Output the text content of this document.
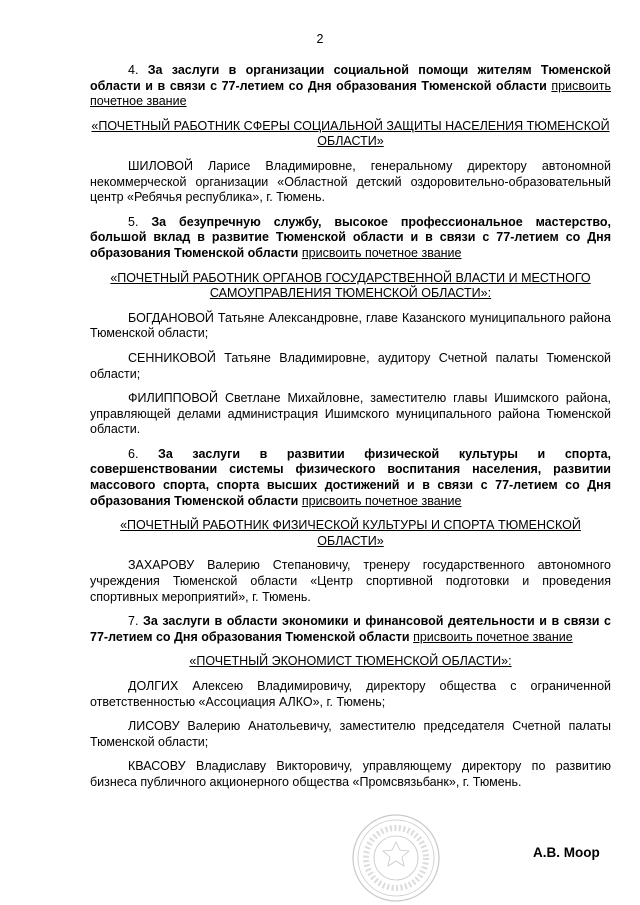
2

4. За заслуги в организации социальной помощи жителям Тюменской области и в связи с 77-летием со Дня образования Тюменской области присвоить почетное звание

«ПОЧЕТНЫЙ РАБОТНИК СФЕРЫ СОЦИАЛЬНОЙ ЗАЩИТЫ НАСЕЛЕНИЯ ТЮМЕНСКОЙ ОБЛАСТИ»

ШИЛОВОЙ Ларисе Владимировне, генеральному директору автономной некоммерческой организации «Областной детский оздоровительно-образовательный центр «Ребячья республика», г. Тюмень.

5. За безупречную службу, высокое профессиональное мастерство, большой вклад в развитие Тюменской области и в связи с 77-летием со Дня образования Тюменской области присвоить почетное звание

«ПОЧЕТНЫЙ РАБОТНИК ОРГАНОВ ГОСУДАРСТВЕННОЙ ВЛАСТИ И МЕСТНОГО САМОУПРАВЛЕНИЯ ТЮМЕНСКОЙ ОБЛАСТИ»:

БОГДАНОВОЙ Татьяне Александровне, главе Казанского муниципального района Тюменской области;

СЕННИКОВОЙ Татьяне Владимировне, аудитору Счетной палаты Тюменской области;

ФИЛИППОВОЙ Светлане Михайловне, заместителю главы Ишимского района, управляющей делами администрация Ишимского муниципального района Тюменской области.

6. За заслуги в развитии физической культуры и спорта, совершенствовании системы физического воспитания населения, развитии массового спорта, спорта высших достижений и в связи с 77-летием со Дня образования Тюменской области присвоить почетное звание

«ПОЧЕТНЫЙ РАБОТНИК ФИЗИЧЕСКОЙ КУЛЬТУРЫ И СПОРТА ТЮМЕНСКОЙ ОБЛАСТИ»

ЗАХАРОВУ Валерию Степановичу, тренеру государственного автономного учреждения Тюменской области «Центр спортивной подготовки и проведения спортивных мероприятий», г. Тюмень.

7. За заслуги в области экономики и финансовой деятельности и в связи с 77-летием со Дня образования Тюменской области присвоить почетное звание

«ПОЧЕТНЫЙ ЭКОНОМИСТ ТЮМЕНСКОЙ ОБЛАСТИ»:

ДОЛГИХ Алексею Владимировичу, директору общества с ограниченной ответственностью «Ассоциация АЛКО», г. Тюмень;

ЛИСОВУ Валерию Анатольевичу, заместителю председателя Счетной палаты Тюменской области;

КВАСОВУ Владиславу Викторовичу, управляющему директору по развитию бизнеса публичного акционерного общества «Промсвязьбанк», г. Тюмень.

А.В. Моор
